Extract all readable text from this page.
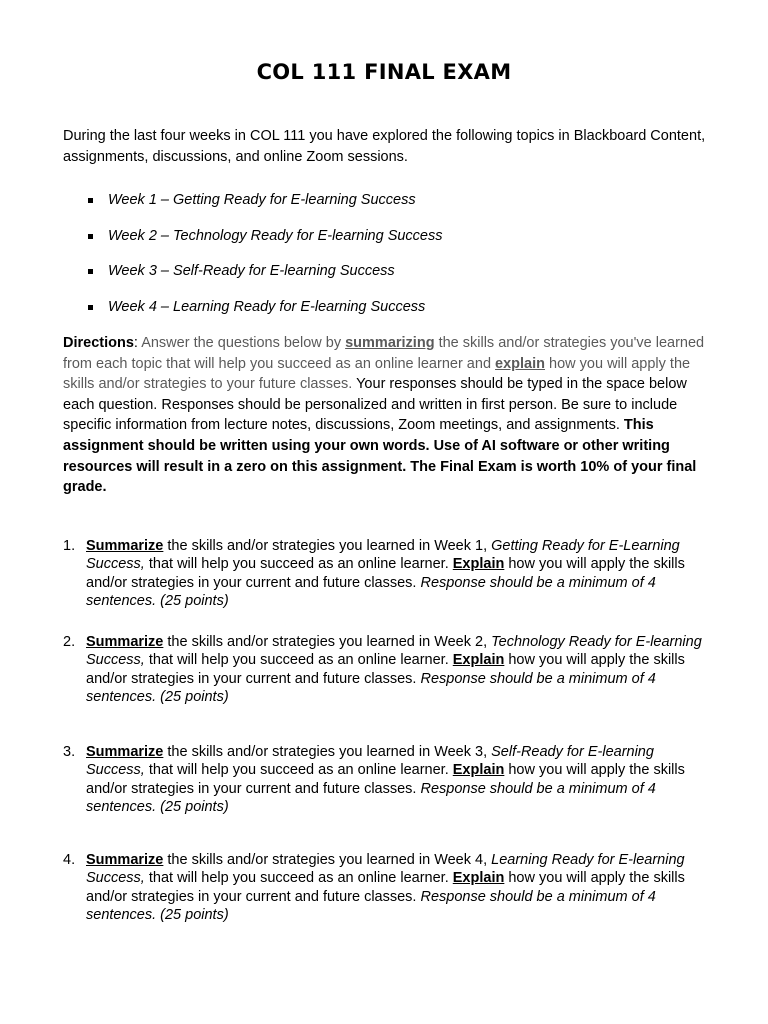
COL 111 FINAL EXAM
During the last four weeks in COL 111 you have explored the following topics in Blackboard Content, assignments, discussions, and online Zoom sessions.
Week 1 – Getting Ready for E-learning Success
Week 2 – Technology Ready for E-learning Success
Week 3 – Self-Ready for E-learning Success
Week 4 – Learning Ready for E-learning Success
Directions: Answer the questions below by summarizing the skills and/or strategies you've learned from each topic that will help you succeed as an online learner and explain how you will apply the skills and/or strategies to your future classes. Your responses should be typed in the space below each question. Responses should be personalized and written in first person. Be sure to include specific information from lecture notes, discussions, Zoom meetings, and assignments. This assignment should be written using your own words. Use of AI software or other writing resources will result in a zero on this assignment. The Final Exam is worth 10% of your final grade.
1. Summarize the skills and/or strategies you learned in Week 1, Getting Ready for E-Learning Success, that will help you succeed as an online learner. Explain how you will apply the skills and/or strategies in your current and future classes. Response should be a minimum of 4 sentences. (25 points)
2. Summarize the skills and/or strategies you learned in Week 2, Technology Ready for E-learning Success, that will help you succeed as an online learner. Explain how you will apply the skills and/or strategies in your current and future classes. Response should be a minimum of 4 sentences. (25 points)
3. Summarize the skills and/or strategies you learned in Week 3, Self-Ready for E-learning Success, that will help you succeed as an online learner. Explain how you will apply the skills and/or strategies in your current and future classes. Response should be a minimum of 4 sentences. (25 points)
4. Summarize the skills and/or strategies you learned in Week 4, Learning Ready for E-learning Success, that will help you succeed as an online learner. Explain how you will apply the skills and/or strategies in your current and future classes. Response should be a minimum of 4 sentences. (25 points)
